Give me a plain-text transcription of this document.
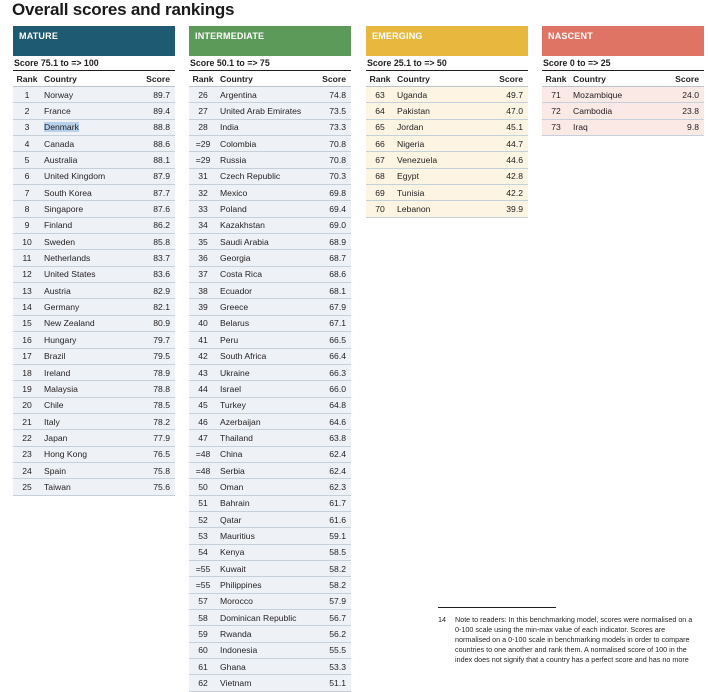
Overall scores and rankings
MATURE
Score 75.1 to => 100
Rank	Country	Score
1	Norway	89.7
2	France	89.4
3	Denmark	88.8
4	Canada	88.6
5	Australia	88.1
6	United Kingdom	87.9
7	South Korea	87.7
8	Singapore	87.6
9	Finland	86.2
10	Sweden	85.8
11	Netherlands	83.7
12	United States	83.6
13	Austria	82.9
14	Germany	82.1
15	New Zealand	80.9
16	Hungary	79.7
17	Brazil	79.5
18	Ireland	78.9
19	Malaysia	78.8
20	Chile	78.5
21	Italy	78.2
22	Japan	77.9
23	Hong Kong	76.5
24	Spain	75.8
25	Taiwan	75.6
INTERMEDIATE
Score 50.1 to => 75
Rank	Country	Score
26	Argentina	74.8
27	United Arab Emirates	73.5
28	India	73.3
=29	Colombia	70.8
=29	Russia	70.8
31	Czech Republic	70.3
32	Mexico	69.8
33	Poland	69.4
34	Kazakhstan	69.0
35	Saudi Arabia	68.9
36	Georgia	68.7
37	Costa Rica	68.6
38	Ecuador	68.1
39	Greece	67.9
40	Belarus	67.1
41	Peru	66.5
42	South Africa	66.4
43	Ukraine	66.3
44	Israel	66.0
45	Turkey	64.8
46	Azerbaijan	64.6
47	Thailand	63.8
=48	China	62.4
=48	Serbia	62.4
50	Oman	62.3
51	Bahrain	61.7
52	Qatar	61.6
53	Mauritius	59.1
54	Kenya	58.5
=55	Kuwait	58.2
=55	Philippines	58.2
57	Morocco	57.9
58	Dominican Republic	56.7
59	Rwanda	56.2
60	Indonesia	55.5
61	Ghana	53.3
62	Vietnam	51.1
EMERGING
Score 25.1 to => 50
Rank	Country	Score
63	Uganda	49.7
64	Pakistan	47.0
65	Jordan	45.1
66	Nigeria	44.7
67	Venezuela	44.6
68	Egypt	42.8
69	Tunisia	42.2
70	Lebanon	39.9
NASCENT
Score 0 to => 25
Rank	Country	Score
71	Mozambique	24.0
72	Cambodia	23.8
73	Iraq	9.8
14 Note to readers: In this benchmarking model, scores were normalised on a 0-100 scale using the min-max value of each indicator. Scores are normalised on a 0-100 scale in benchmarking models in order to compare countries to one another and rank them. A normalised score of 100 in the index does not signify that a country has a perfect score and has no more
